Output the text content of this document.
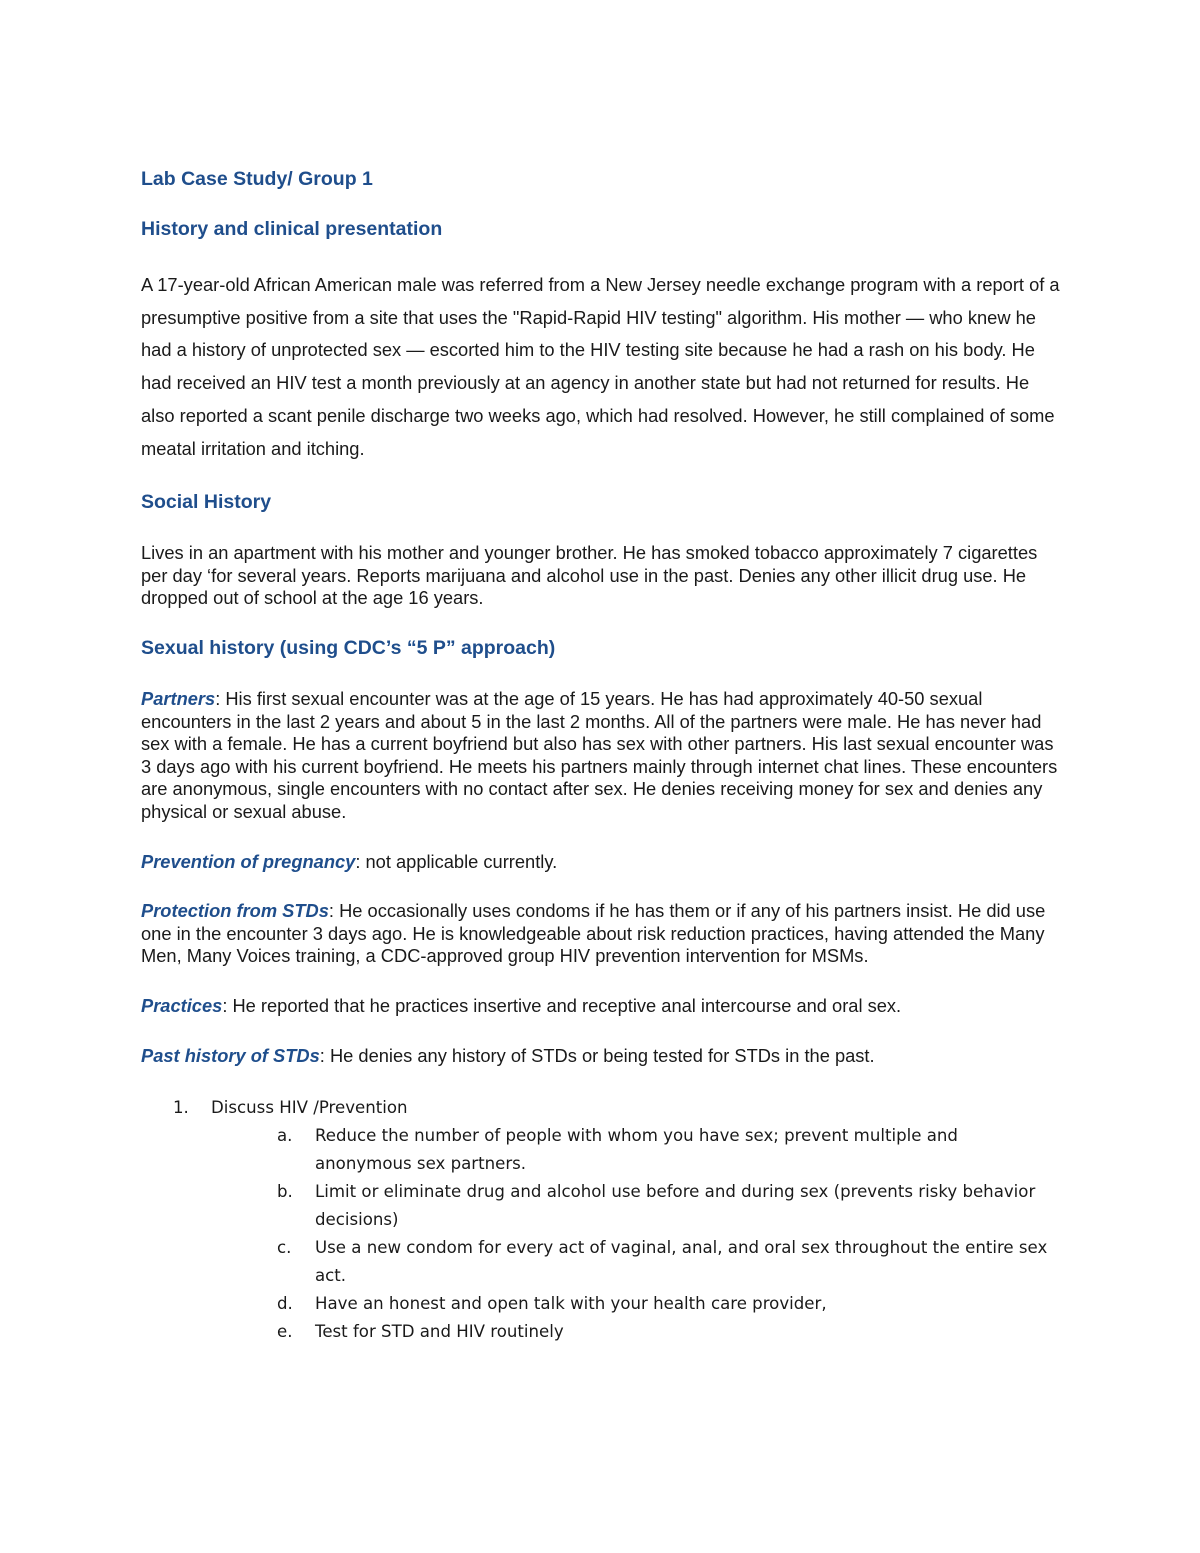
Lab Case Study/ Group 1
History and clinical presentation

A 17-year-old African American male was referred from a New Jersey needle exchange program with a report of a presumptive positive from a site that uses the "Rapid-Rapid HIV testing" algorithm. His mother — who knew he had a history of unprotected sex — escorted him to the HIV testing site because he had a rash on his body. He had received an HIV test a month previously at an agency in another state but had not returned for results. He also reported a scant penile discharge two weeks ago, which had resolved. However, he still complained of some meatal irritation and itching.

Social History

Lives in an apartment with his mother and younger brother. He has smoked tobacco approximately 7 cigarettes per day ‘for several years. Reports marijuana and alcohol use in the past. Denies any other illicit drug use. He dropped out of school at the age 16 years.

Sexual history (using CDC’s “5 P” approach)

Partners: His first sexual encounter was at the age of 15 years. He has had approximately 40-50 sexual encounters in the last 2 years and about 5 in the last 2 months. All of the partners were male. He has never had sex with a female. He has a current boyfriend but also has sex with other partners. His last sexual encounter was 3 days ago with his current boyfriend. He meets his partners mainly through internet chat lines. These encounters are anonymous, single encounters with no contact after sex. He denies receiving money for sex and denies any physical or sexual abuse.

Prevention of pregnancy: not applicable currently.

Protection from STDs: He occasionally uses condoms if he has them or if any of his partners insist. He did use one in the encounter 3 days ago. He is knowledgeable about risk reduction practices, having attended the Many Men, Many Voices training, a CDC-approved group HIV prevention intervention for MSMs.

Practices: He reported that he practices insertive and receptive anal intercourse and oral sex.

Past history of STDs: He denies any history of STDs or being tested for STDs in the past.

1.	Discuss HIV /Prevention
a.	Reduce the number of people with whom you have sex; prevent multiple and anonymous sex partners.
b.	Limit or eliminate drug and alcohol use before and during sex (prevents risky behavior decisions)
c.	Use a new condom for every act of vaginal, anal, and oral sex throughout the entire sex act.
d.	Have an honest and open talk with your health care provider,
e.	Test for STD and HIV routinely
